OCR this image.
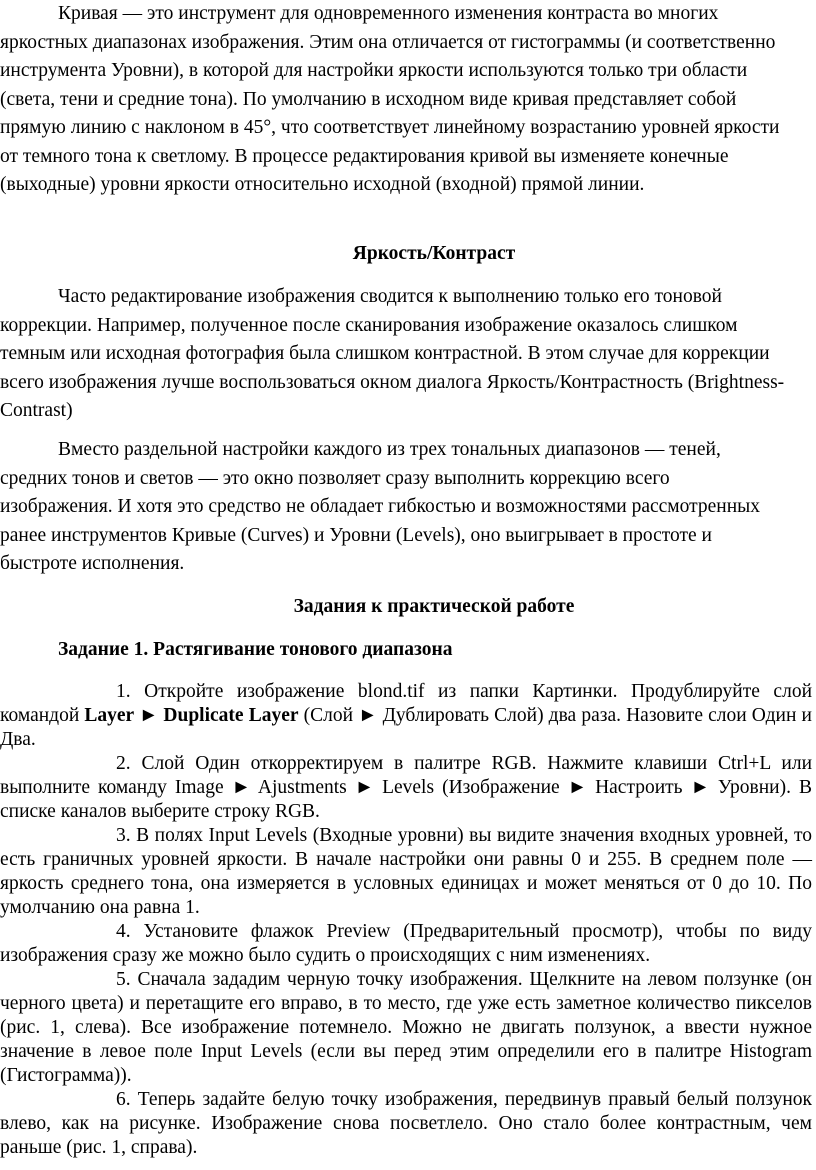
Кривая — это инструмент для одновременного изменения контраста во многих яркостных диапазонах изображения. Этим она отличается от гистограммы (и соответственно инструмента Уровни), в которой для настройки яркости используются только три области (света, тени и средние тона). По умолчанию в исходном виде кривая представляет собой прямую линию с наклоном в 45°, что соответствует линейному возрастанию уровней яркости от темного тона к светлому. В процессе редактирования кривой вы изменяете конечные (выходные) уровни яркости относительно исходной (входной) прямой линии.

Яркость/Контраст

Часто редактирование изображения сводится к выполнению только его тоновой коррекции. Например, полученное после сканирования изображение оказалось слишком темным или исходная фотография была слишком контрастной. В этом случае для коррекции всего изображения лучше воспользоваться окном диалога Яркость/Контрастность (Brightness-Contrast)

Вместо раздельной настройки каждого из трех тональных диапазонов — теней, средних тонов и светов — это окно позволяет сразу выполнить коррекцию всего изображения. И хотя это средство не обладает гибкостью и возможностями рассмотренных ранее инструментов Кривые (Curves) и Уровни (Levels), оно выигрывает в простоте и быстроте исполнения.

Задания к практической работе

Задание 1. Растягивание тонового диапазона

1. Откройте изображение blond.tif из папки Картинки. Продублируйте слой командой Layer ► Duplicate Layer (Слой ► Дублировать Слой) два раза. Назовите слои Один и Два.

2. Слой Один откорректируем в палитре RGB. Нажмите клавиши Ctrl+L или выполните команду Image ► Ajustments ► Levels (Изображение ► Настроить ► Уровни). В списке каналов выберите строку RGB.

3. В полях Input Levels (Входные уровни) вы видите значения входных уровней, то есть граничных уровней яркости. В начале настройки они равны 0 и 255. В среднем поле — яркость среднего тона, она измеряется в условных единицах и может меняться от 0 до 10. По умолчанию она равна 1.

4. Установите флажок Preview (Предварительный просмотр), чтобы по виду изображения сразу же можно было судить о происходящих с ним изменениях.

5. Сначала зададим черную точку изображения. Щелкните на левом ползунке (он черного цвета) и перетащите его вправо, в то место, где уже есть заметное количество пикселов (рис. 1, слева). Все изображение потемнело. Можно не двигать ползунок, а ввести нужное значение в левое поле Input Levels (если вы перед этим определили его в палитре Histogram (Гистограмма)).

6. Теперь задайте белую точку изображения, передвинув правый белый ползунок влево, как на рисунке. Изображение снова посветлело. Оно стало более контрастным, чем раньше (рис. 1, справа).
